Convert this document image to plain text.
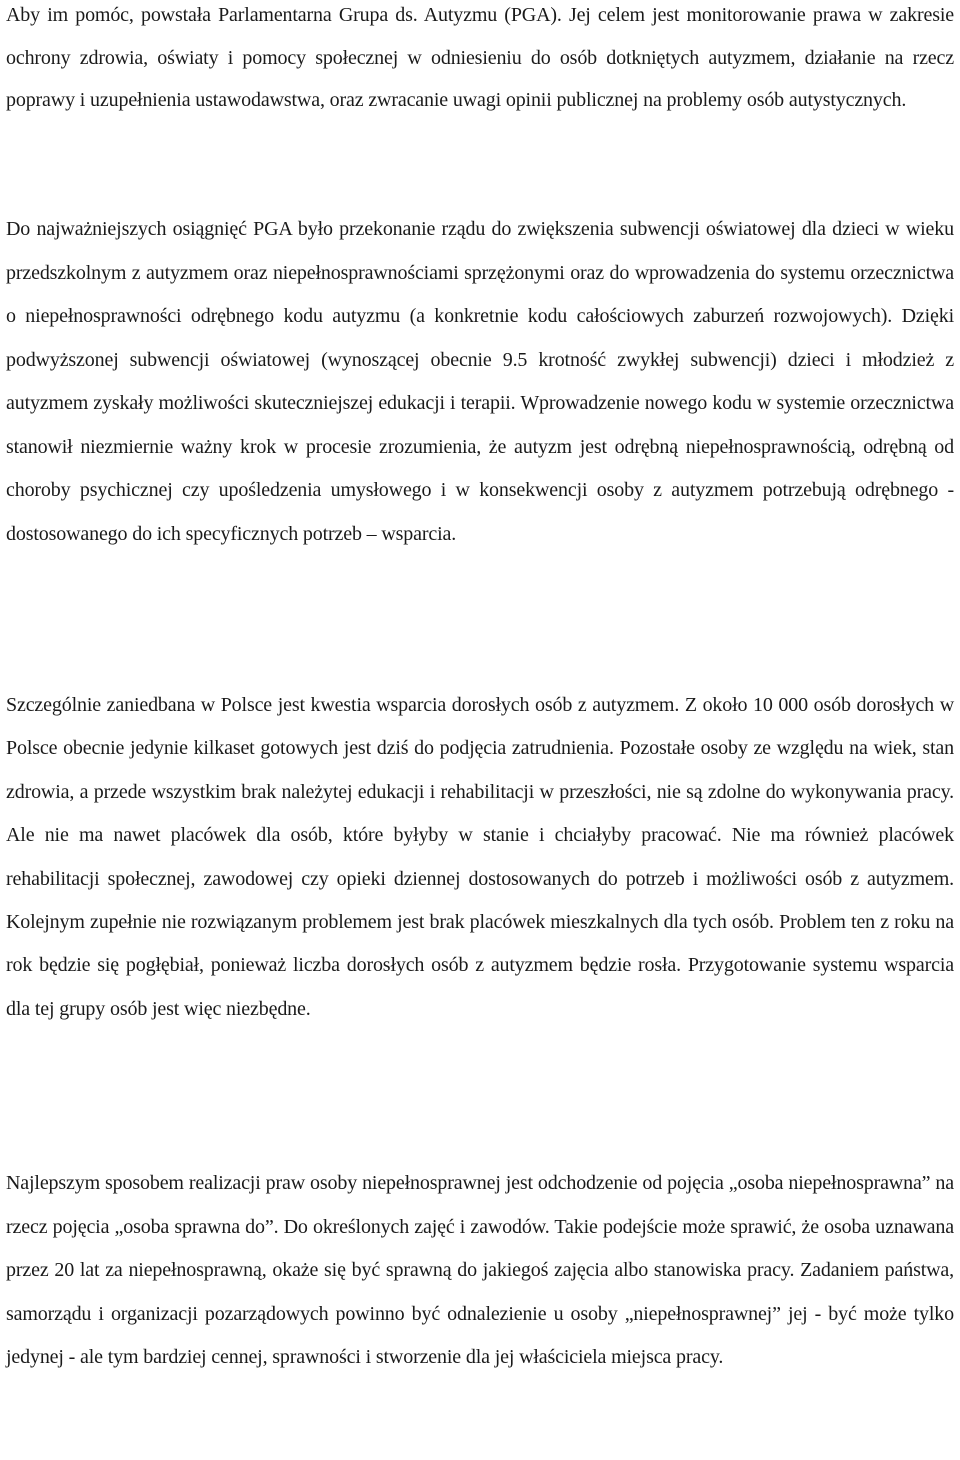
Aby im pomóc, powstała Parlamentarna Grupa ds. Autyzmu (PGA). Jej celem jest monitorowanie prawa w zakresie ochrony zdrowia, oświaty i pomocy społecznej w odniesieniu do osób dotkniętych autyzmem, działanie na rzecz poprawy i uzupełnienia ustawodawstwa, oraz zwracanie uwagi opinii publicznej na problemy osób autystycznych.

Do najważniejszych osiągnięć PGA było przekonanie rządu do zwiększenia subwencji oświatowej dla dzieci w wieku przedszkolnym z autyzmem oraz niepełnosprawnościami sprzężonymi oraz do wprowadzenia do systemu orzecznictwa o niepełnosprawności odrębnego kodu autyzmu (a konkretnie kodu całościowych zaburzeń rozwojowych). Dzięki podwyższonej subwencji oświatowej (wynoszącej obecnie 9.5 krotność zwykłej subwencji) dzieci i młodzież z autyzmem zyskały możliwości skuteczniejszej edukacji i terapii. Wprowadzenie nowego kodu w systemie orzecznictwa stanowił niezmiernie ważny krok w procesie zrozumienia, że autyzm jest odrębną niepełnosprawnością, odrębną od choroby psychicznej czy upośledzenia umysłowego i w konsekwencji osoby z autyzmem potrzebują odrębnego - dostosowanego do ich specyficznych potrzeb – wsparcia.

Szczególnie zaniedbana w Polsce jest kwestia wsparcia dorosłych osób z autyzmem. Z około 10 000 osób dorosłych w Polsce obecnie jedynie kilkaset gotowych jest dziś do podjęcia zatrudnienia. Pozostałe osoby ze względu na wiek, stan zdrowia, a przede wszystkim brak należytej edukacji i rehabilitacji w przeszłości, nie są zdolne do wykonywania pracy. Ale nie ma nawet placówek dla osób, które byłyby w stanie i chciałyby pracować. Nie ma również placówek rehabilitacji społecznej, zawodowej czy opieki dziennej dostosowanych do potrzeb i możliwości osób z autyzmem. Kolejnym zupełnie nie rozwiązanym problemem jest brak placówek mieszkalnych dla tych osób. Problem ten z roku na rok będzie się pogłębiał, ponieważ liczba dorosłych osób z autyzmem będzie rosła. Przygotowanie systemu wsparcia dla tej grupy osób jest więc niezbędne.

Najlepszym sposobem realizacji praw osoby niepełnosprawnej jest odchodzenie od pojęcia „osoba niepełnosprawna” na rzecz pojęcia „osoba sprawna do”. Do określonych zajęć i zawodów. Takie podejście może sprawić, że osoba uznawana przez 20 lat za niepełnosprawną, okaże się być sprawną do jakiegoś zajęcia albo stanowiska pracy. Zadaniem państwa, samorządu i organizacji pozarządowych powinno być odnalezienie u osoby „niepełnosprawnej” jej - być może tylko jedynej - ale tym bardziej cennej, sprawności i stworzenie dla jej właściciela miejsca pracy.
